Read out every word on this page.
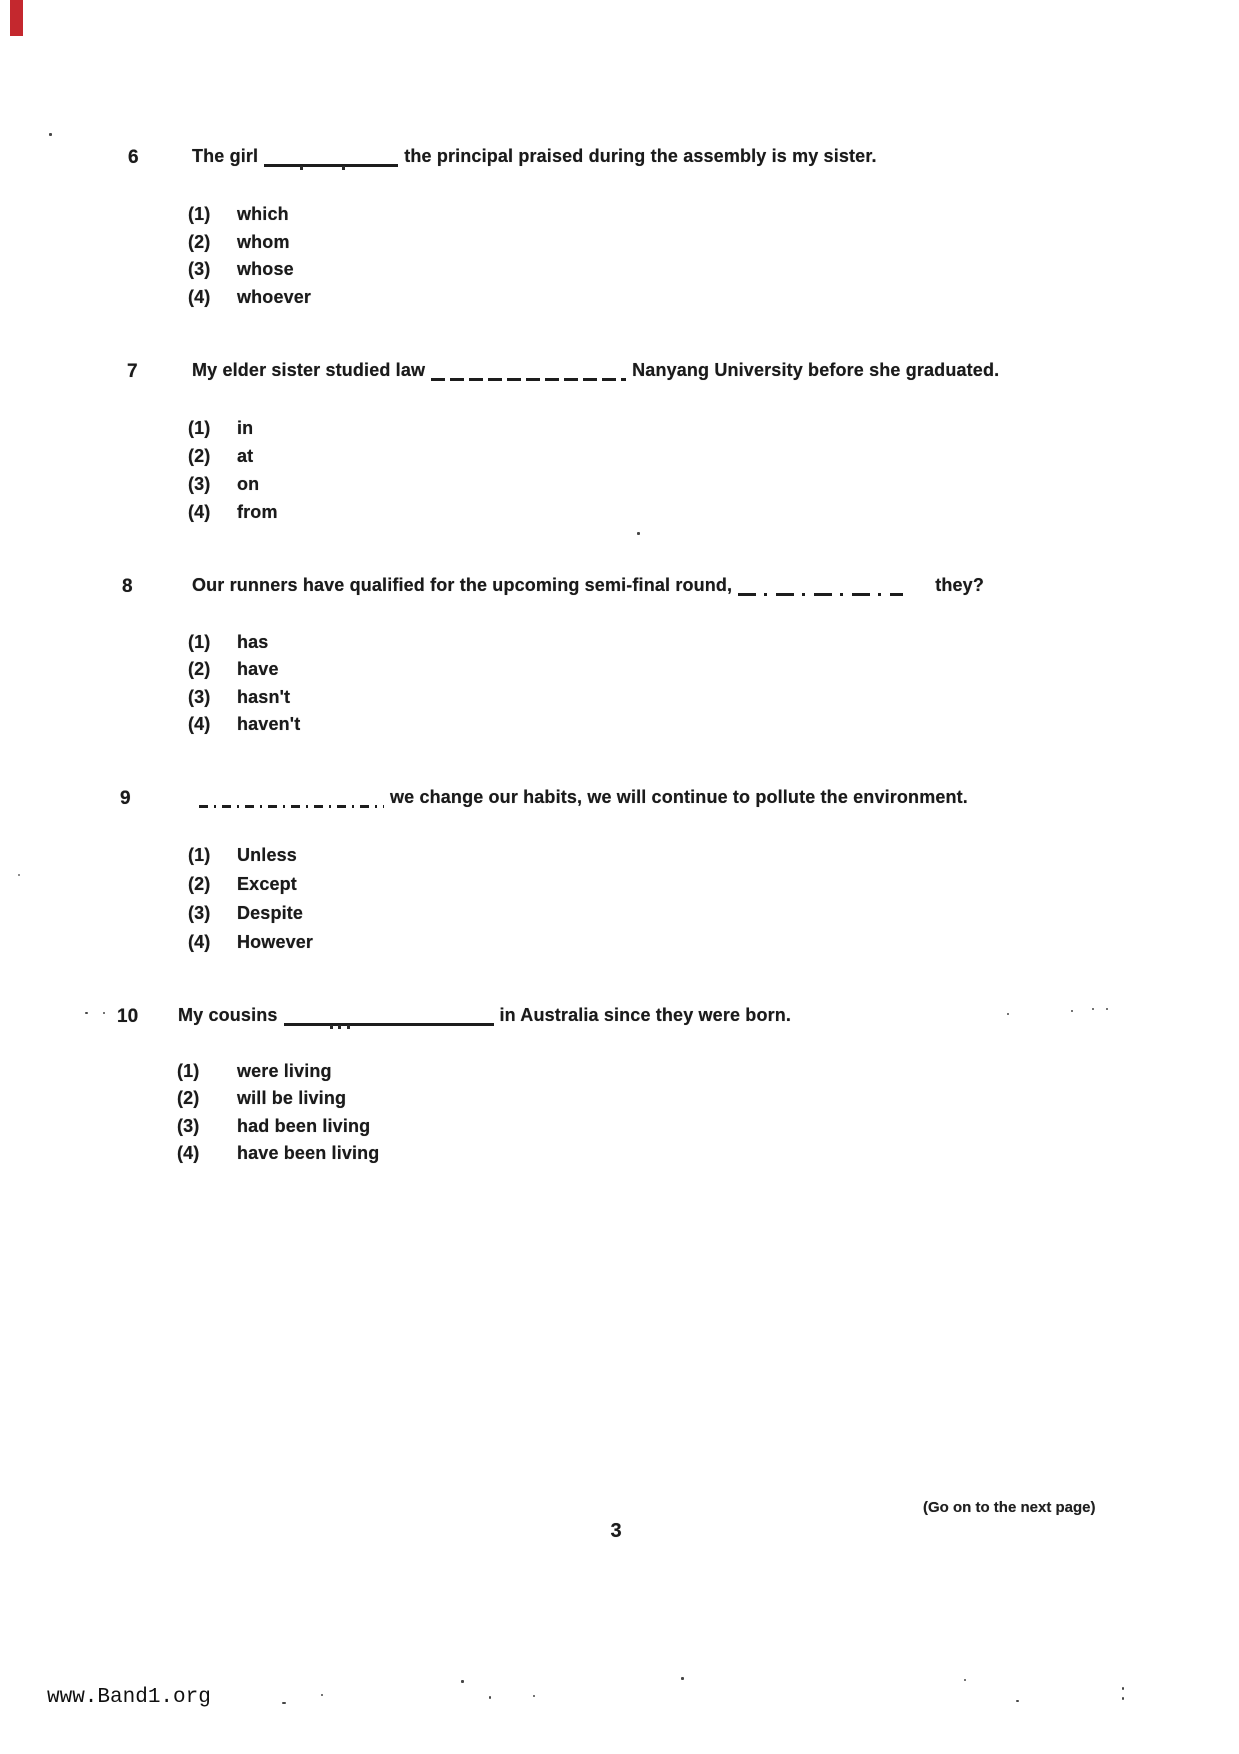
6	The girl	the principal praised during the assembly is my sister.
(1) which
(2) whom
(3) whose
(4) whoever
7	My elder sister studied law	Nanyang University before she graduated.
(1) in
(2) at
(3) on
(4) from
8	Our runners have qualified for the upcoming semi-final round,	they?
(1) has
(2) have
(3) hasn't
(4) haven't
9	we change our habits, we will continue to pollute the environment.
(1) Unless
(2) Except
(3) Despite
(4) However
10 My cousins	in Australia since they were born.
(1) were living
(2) will be living
(3) had been living
(4) have been living
(Go on to the next page)
3
www.Band1.org
